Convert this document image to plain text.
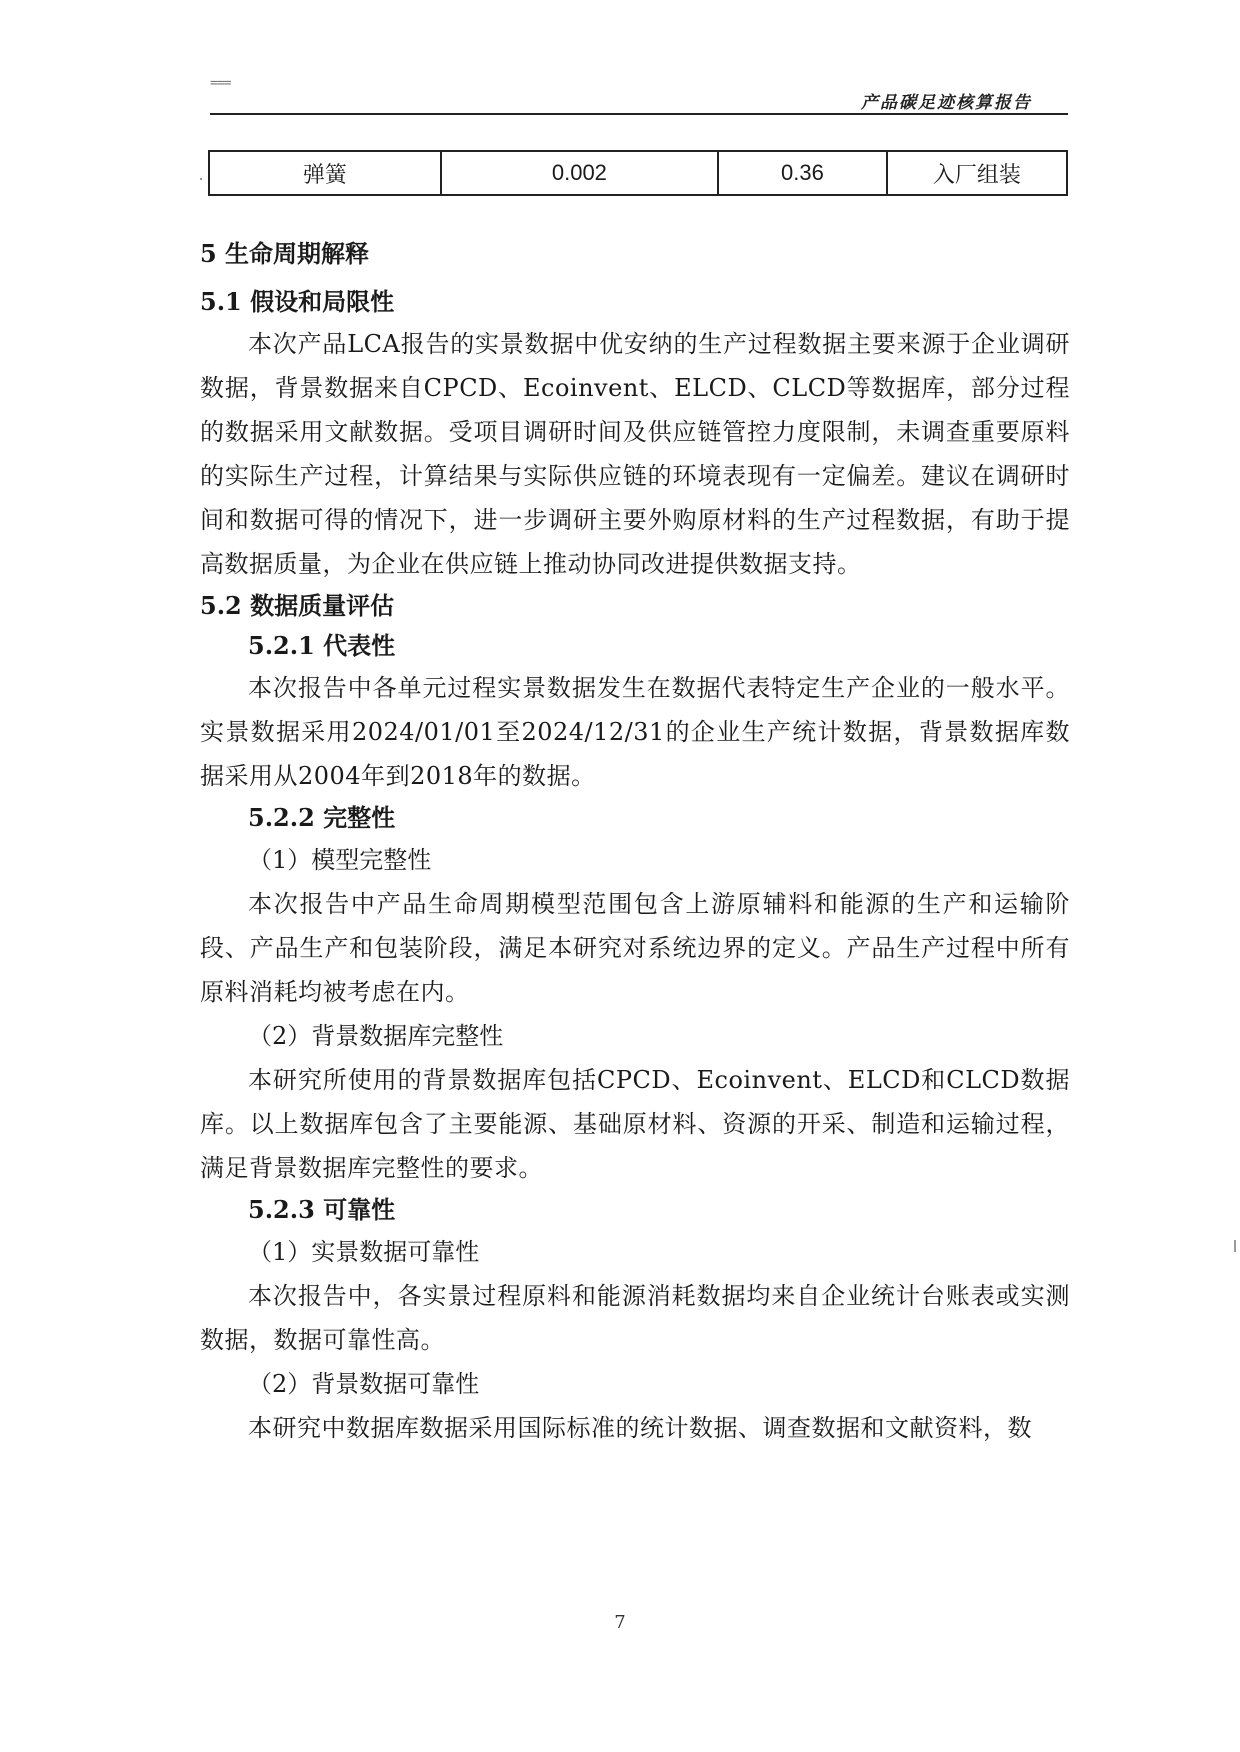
===
产品碳足迹核算报告
弹簧	0.002	0.36	入厂组装

5 生命周期解释

5.1 假设和局限性

本次产品LCA报告的实景数据中优安纳的生产过程数据主要来源于企业调研数据，背景数据来自CPCD、Ecoinvent、ELCD、CLCD等数据库，部分过程的数据采用文献数据。受项目调研时间及供应链管控力度限制，未调查重要原料的实际生产过程，计算结果与实际供应链的环境表现有一定偏差。建议在调研时间和数据可得的情况下，进一步调研主要外购原材料的生产过程数据，有助于提高数据质量，为企业在供应链上推动协同改进提供数据支持。

5.2 数据质量评估

5.2.1 代表性

本次报告中各单元过程实景数据发生在数据代表特定生产企业的一般水平。实景数据采用2024/01/01至2024/12/31的企业生产统计数据，背景数据库数据采用从2004年到2018年的数据。

5.2.2 完整性

（1）模型完整性

本次报告中产品生命周期模型范围包含上游原辅料和能源的生产和运输阶段、产品生产和包装阶段，满足本研究对系统边界的定义。产品生产过程中所有原料消耗均被考虑在内。

（2）背景数据库完整性

本研究所使用的背景数据库包括CPCD、Ecoinvent、ELCD和CLCD数据库。以上数据库包含了主要能源、基础原材料、资源的开采、制造和运输过程，满足背景数据库完整性的要求。

5.2.3 可靠性

（1）实景数据可靠性

本次报告中，各实景过程原料和能源消耗数据均来自企业统计台账表或实测数据，数据可靠性高。

（2）背景数据可靠性

本研究中数据库数据采用国际标准的统计数据、调查数据和文献资料，数

7
